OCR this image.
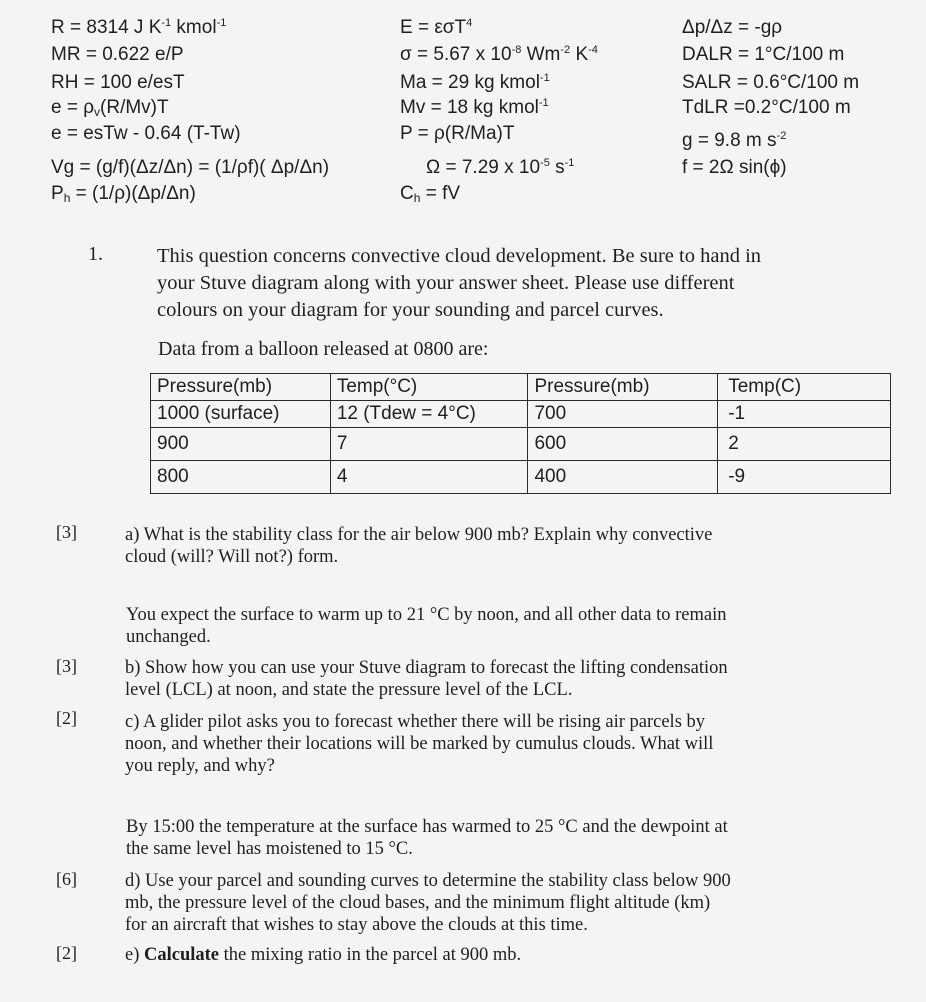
R = 8314 J $K^{-1}$ kmol$^{-1}$
MR = 0.622 e/P
RH = 100 e/esT
$e = \rho_v(R/Mv)T$
e = esTw - 0.64 (T-Tw)
Vg = (g/f)(Δz/Δn) = (1/ρf)( Δp/Δn)
$P_h = (1/\rho)(\Delta p/\Delta n)$
E = εσT$^4$
σ = 5.67 x $10^{-8}$ $Wm^{-2}$ $K^{-4}$
Ma = 29 kg kmol$^{-1}$
Mv = 18 kg kmol$^{-1}$
P = ρ(R/Ma)T
Ω = 7.29 x $10^{-5}$ $s^{-1}$
$C_h$ = fV
Δp/Δz = -gρ
DALR = 1°C/100 m
SALR = 0.6°C/100 m
TdLR =0.2°C/100 m
g = 9.8 m $s^{-2}$
f = 2Ω sin(ϕ)
1.	This question concerns convective cloud development. Be sure to hand in
your Stuve diagram along with your answer sheet. Please use different
colours on your diagram for your sounding and parcel curves.
Data from a balloon released at 0800 are:
Pressure(mb)	Temp(°C)	Pressure(mb)	Temp(C)
1000 (surface)	12 (Tdew = 4°C)	700	-1
900	7	600	2
800	4	400	-9
[3]	a) What is the stability class for the air below 900 mb? Explain why convective
cloud (will? Will not?) form.
You expect the surface to warm up to 21 °C by noon, and all other data to remain
unchanged.
[3]	b) Show how you can use your Stuve diagram to forecast the lifting condensation
level (LCL) at noon, and state the pressure level of the LCL.
[2]	c) A glider pilot asks you to forecast whether there will be rising air parcels by
noon, and whether their locations will be marked by cumulus clouds. What will
you reply, and why?
By 15:00 the temperature at the surface has warmed to 25 °C and the dewpoint at
the same level has moistened to 15 °C.
[6]	d) Use your parcel and sounding curves to determine the stability class below 900
mb, the pressure level of the cloud bases, and the minimum flight altitude (km)
for an aircraft that wishes to stay above the clouds at this time.
[2]	e) Calculate the mixing ratio in the parcel at 900 mb.
